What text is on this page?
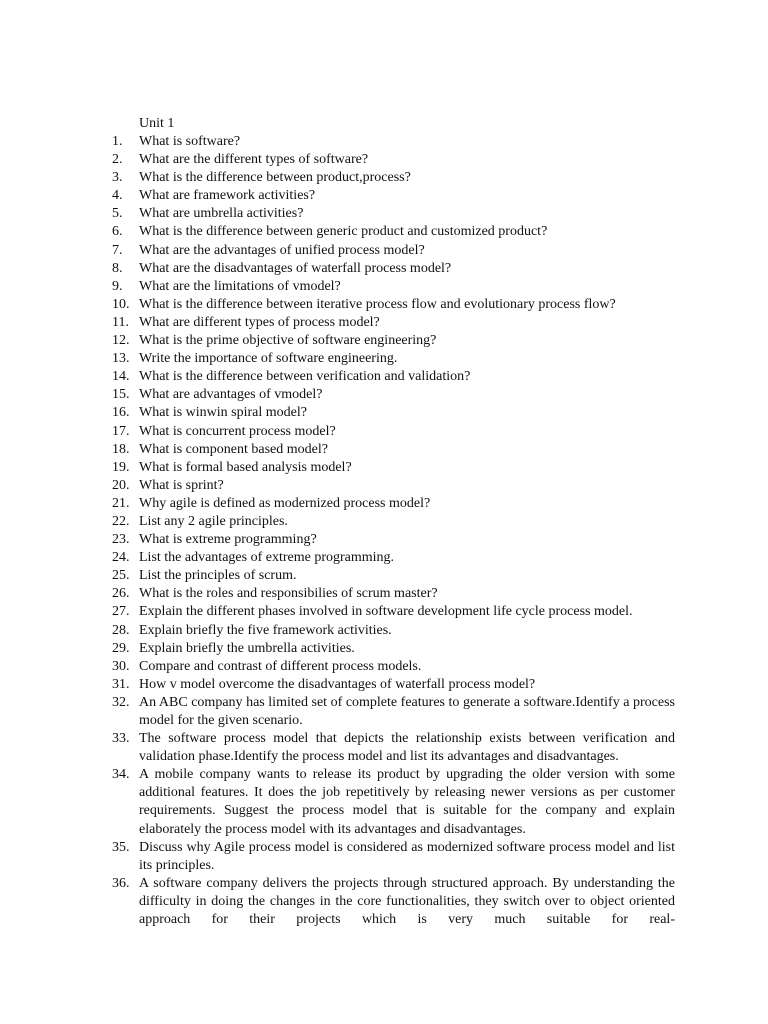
Unit 1
1. What is software?
2. What are the different types of software?
3. What is the difference between product,process?
4. What are framework activities?
5. What are umbrella activities?
6. What is the difference between generic product and customized product?
7. What are the advantages of unified process model?
8. What are the disadvantages of waterfall process model?
9. What are the limitations of vmodel?
10. What is the difference between iterative process flow and evolutionary process flow?
11. What are different types of process model?
12. What is the prime objective of software engineering?
13. Write the importance of software engineering.
14. What is the difference between verification and validation?
15. What are advantages of vmodel?
16. What is winwin spiral model?
17. What is concurrent process model?
18. What is component based model?
19. What is formal based analysis model?
20. What is sprint?
21. Why agile is defined as modernized process model?
22. List any 2 agile principles.
23. What is extreme programming?
24. List the advantages of extreme programming.
25. List the principles of scrum.
26. What is the roles and responsibilies of scrum master?
27. Explain the different phases involved in software development life cycle process model.
28. Explain briefly the five framework activities.
29. Explain briefly the umbrella activities.
30. Compare and contrast of different process models.
31. How v model overcome the disadvantages of waterfall process model?
32. An ABC company has limited set of complete features to generate a software.Identify a process model for the given scenario.
33. The software process model that depicts the relationship exists between verification and validation phase.Identify the process model and list its advantages and disadvantages.
34. A mobile company wants to release its product by upgrading the older version with some additional features. It does the job repetitively by releasing newer versions as per customer requirements. Suggest the process model that is suitable for the company and explain elaborately the process model with its advantages and disadvantages.
35. Discuss why Agile process model is considered as modernized software process model and list its principles.
36. A software company delivers the projects through structured approach. By understanding the difficulty in doing the changes in the core functionalities, they switch over to object oriented approach for their projects which is very much suitable for real-
